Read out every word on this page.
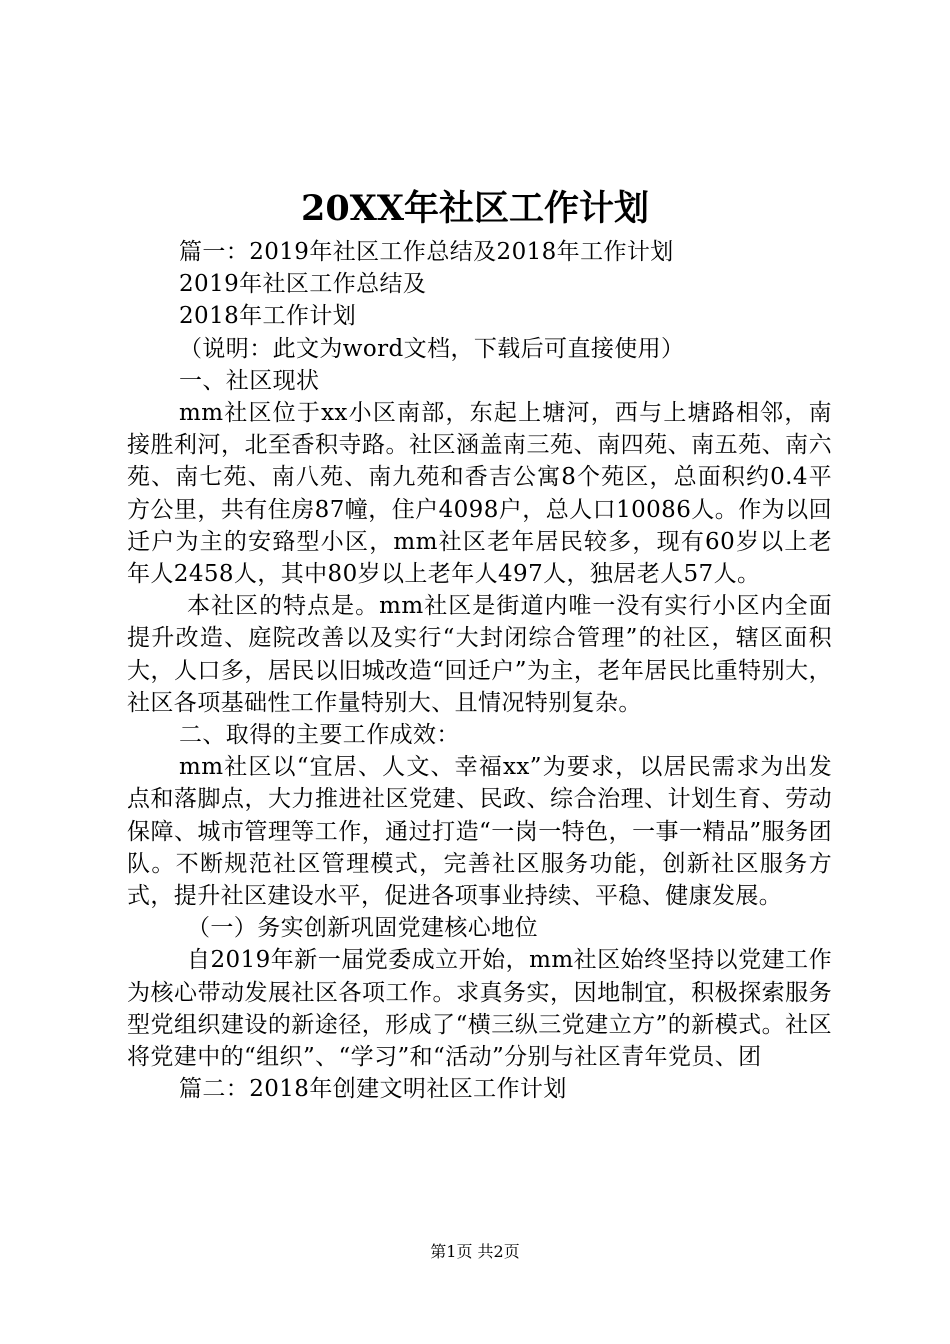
20XX年社区工作计划

篇一：2019年社区工作总结及2018年工作计划

2019年社区工作总结及

2018年工作计划

（说明：此文为word文档，下载后可直接使用）

一、社区现状

mm社区位于xx小区南部，东起上塘河，西与上塘路相邻，南接胜利河，北至香积寺路。社区涵盖南三苑、南四苑、南五苑、南六苑、南七苑、南八苑、南九苑和香吉公寓8个苑区，总面积约0.4平方公里，共有住房87幢，住户4098户，总人口10086人。作为以回迁户为主的安臵型小区，mm社区老年居民较多，现有60岁以上老年人2458人，其中80岁以上老年人497人，独居老人57人。

本社区的特点是。mm社区是街道内唯一没有实行小区内全面提升改造、庭院改善以及实行“大封闭综合管理”的社区，辖区面积大，人口多，居民以旧城改造“回迁户”为主，老年居民比重特别大，社区各项基础性工作量特别大、且情况特别复杂。

二、取得的主要工作成效：

mm社区以“宜居、人文、幸福xx”为要求，以居民需求为出发点和落脚点，大力推进社区党建、民政、综合治理、计划生育、劳动保障、城市管理等工作，通过打造“一岗一特色，一事一精品”服务团队。不断规范社区管理模式，完善社区服务功能，创新社区服务方式，提升社区建设水平，促进各项事业持续、平稳、健康发展。

（一）务实创新巩固党建核心地位

自2019年新一届党委成立开始，mm社区始终坚持以党建工作为核心带动发展社区各项工作。求真务实，因地制宜，积极探索服务型党组织建设的新途径，形成了“横三纵三党建立方”的新模式。社区将党建中的“组织”、“学习”和“活动”分别与社区青年党员、团

篇二：2018年创建文明社区工作计划

第1页 共2页
